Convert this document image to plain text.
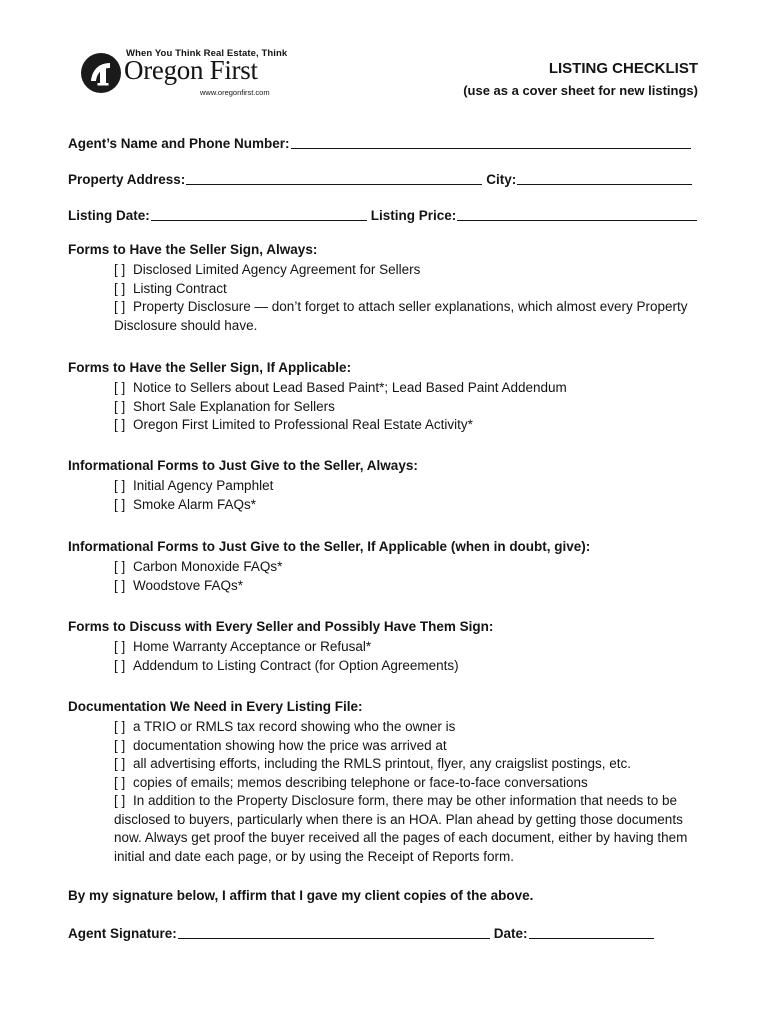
When You Think Real Estate, Think
Oregon First
www.oregonfirst.com
LISTING CHECKLIST
(use as a cover sheet for new listings)
Agent’s Name and Phone Number:
Property Address:	City:
Listing Date:	Listing Price:
Forms to Have the Seller Sign, Always:
[ ] Disclosed Limited Agency Agreement for Sellers
[ ] Listing Contract
[ ] Property Disclosure — don’t forget to attach seller explanations, which almost every Property Disclosure should have.
Forms to Have the Seller Sign, If Applicable:
[ ] Notice to Sellers about Lead Based Paint*; Lead Based Paint Addendum
[ ] Short Sale Explanation for Sellers
[ ] Oregon First Limited to Professional Real Estate Activity*
Informational Forms to Just Give to the Seller, Always:
[ ] Initial Agency Pamphlet
[ ] Smoke Alarm FAQs*
Informational Forms to Just Give to the Seller, If Applicable (when in doubt, give):
[ ] Carbon Monoxide FAQs*
[ ] Woodstove FAQs*
Forms to Discuss with Every Seller and Possibly Have Them Sign:
[ ] Home Warranty Acceptance or Refusal*
[ ] Addendum to Listing Contract (for Option Agreements)
Documentation We Need in Every Listing File:
[ ] a TRIO or RMLS tax record showing who the owner is
[ ] documentation showing how the price was arrived at
[ ] all advertising efforts, including the RMLS printout, flyer, any craigslist postings, etc.
[ ] copies of emails; memos describing telephone or face-to-face conversations
[ ] In addition to the Property Disclosure form, there may be other information that needs to be disclosed to buyers, particularly when there is an HOA. Plan ahead by getting those documents now. Always get proof the buyer received all the pages of each document, either by having them initial and date each page, or by using the Receipt of Reports form.
By my signature below, I affirm that I gave my client copies of the above.
Agent Signature:	Date:
